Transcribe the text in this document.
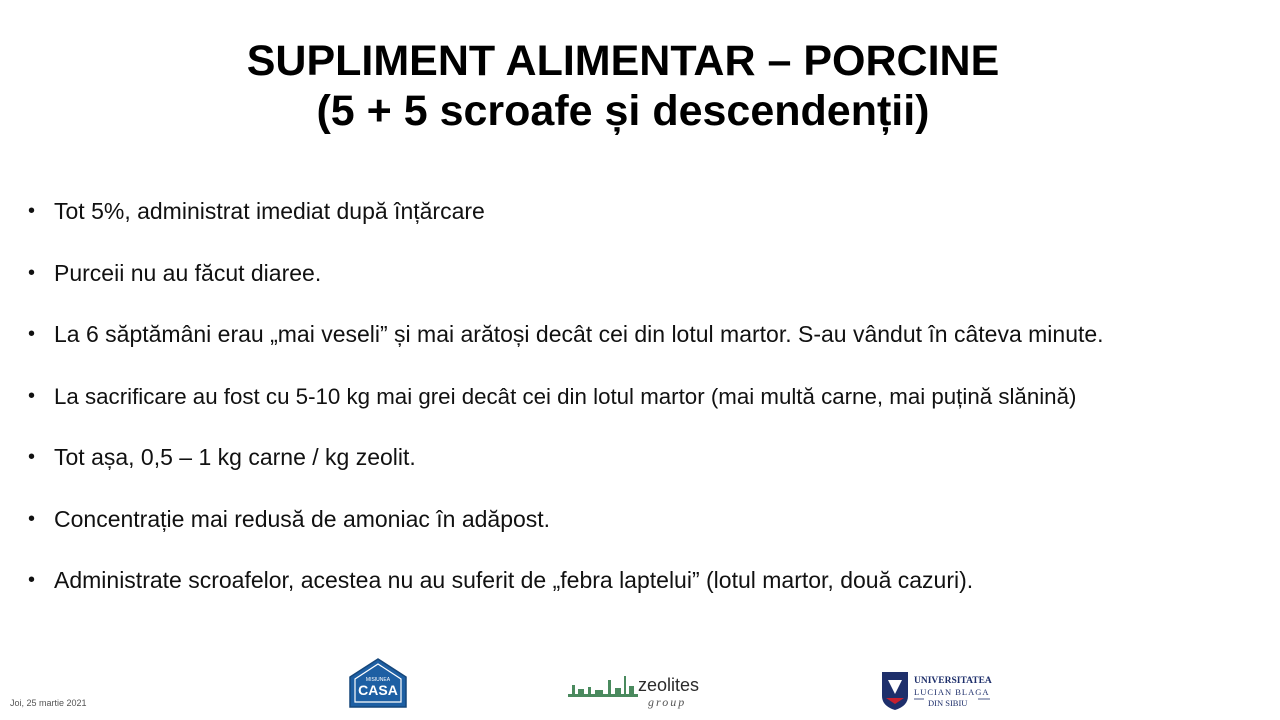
SUPLIMENT ALIMENTAR – PORCINE
(5 + 5 scroafe și descendenții)
• Tot 5%, administrat imediat după înțărcare
• Purceii nu au făcut diaree.
• La 6 săptămâni erau „mai veseli” și mai arătoși decât cei din lotul martor. S-au vândut în câteva minute.
• La sacrificare au fost cu 5-10 kg mai grei decât cei din lotul martor (mai multă carne, mai puțină slănină)
• Tot așa, 0,5 – 1 kg carne / kg zeolit.
• Concentrație mai redusă de amoniac în adăpost.
• Administrate scroafelor, acestea nu au suferit de „febra laptelui” (lotul martor, două cazuri).
Joi, 25 martie 2021
MISIUNEA
CASA	zeolites
group
UNIVERSITATEA
LUCIAN BLAGA
DIN SIBIU
